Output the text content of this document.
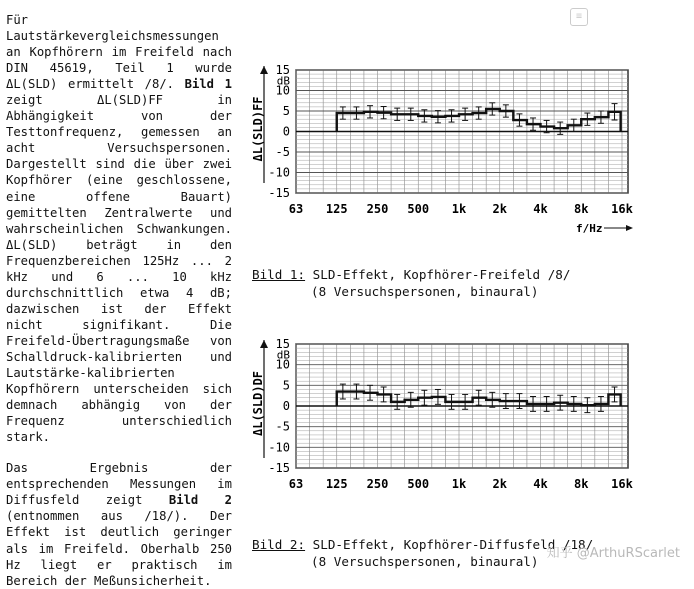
≡

Für Lautstärkevergleichsmessungen an Kopfhörern im Freifeld nach DIN 45619, Teil 1 wurde ΔL(SLD) ermittelt /8/. Bild 1 zeigt ΔL(SLD)FF in Abhängigkeit von der Testtonfrequenz, gemessen an acht Versuchspersonen. Dargestellt sind die über zwei Kopfhörer (eine geschlossene, eine offene Bauart) gemittelten Zentralwerte und wahrscheinlichen Schwankungen. ΔL(SLD) beträgt in den Frequenzbereichen 125Hz ... 2 kHz und 6 ... 10 kHz durchschnittlich etwa 4 dB; dazwischen ist der Effekt nicht signifikant. Die Freifeld-Übertragungsmaße von Schalldruck-kalibrierten und Lautstärke-kalibrierten Kopfhörern unterscheiden sich demnach abhängig von der Frequenz unterschiedlich stark.

Das Ergebnis der entsprechenden Messungen im Diffusfeld zeigt Bild 2 (entnommen aus /18/). Der Effekt ist deutlich geringer als im Freifeld. Oberhalb 250 Hz liegt er praktisch im Bereich der Meßunsicherheit.

15
10
5
0
-5
-10
-15
dB
ΔL(SLD)FF
63 125 250 500 1k 2k 4k 8k 16k
f/Hz
15
10
5
0
-5
-10
-15
dB
ΔL(SLD)DF
63 125 250 500 1k 2k 4k 8k 16k
Bild 1: SLD-Effekt, Kopfhörer-Freifeld /8/
(8 Versuchspersonen, binaural)
Bild 2: SLD-Effekt, Kopfhörer-Diffusfeld /18/
(8 Versuchspersonen, binaural)
知乎 @ArthuRScarlet
